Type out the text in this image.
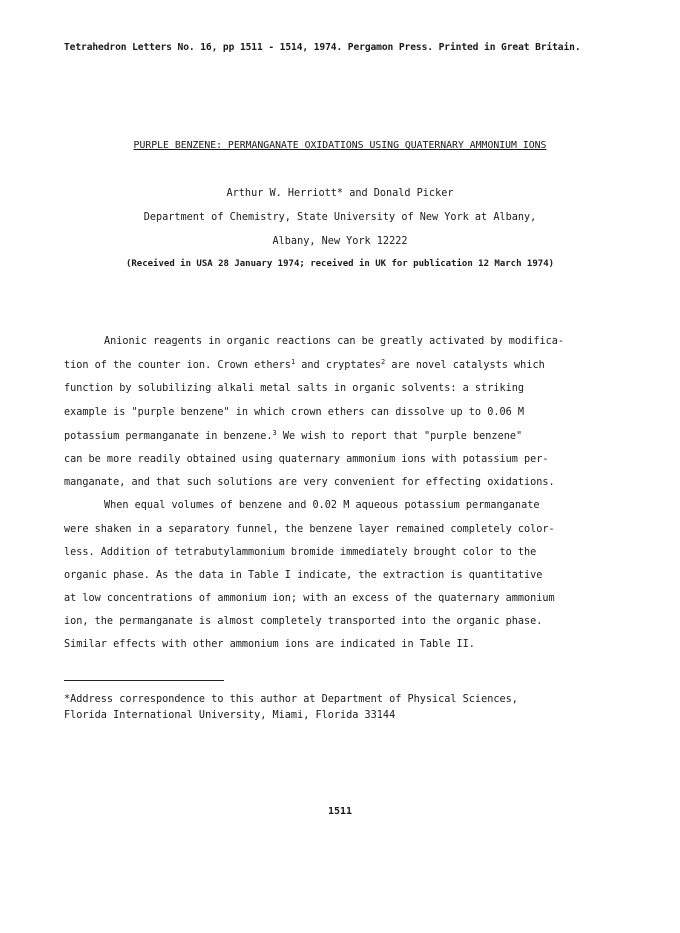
Tetrahedron Letters No. 16, pp 1511 - 1514, 1974. Pergamon Press. Printed in Great Britain.
PURPLE BENZENE: PERMANGANATE OXIDATIONS USING QUATERNARY AMMONIUM IONS
Arthur W. Herriott* and Donald Picker
Department of Chemistry, State University of New York at Albany,
Albany, New York 12222
(Received in USA 28 January 1974; received in UK for publication 12 March 1974)
Anionic reagents in organic reactions can be greatly activated by modifica-
tion of the counter ion. Crown ethers$^1$ and cryptates$^2$ are novel catalysts which
function by solubilizing alkali metal salts in organic solvents: a striking
example is "purple benzene" in which crown ethers can dissolve up to 0.06 M
potassium permanganate in benzene.$^3$ We wish to report that "purple benzene"
can be more readily obtained using quaternary ammonium ions with potassium per-
manganate, and that such solutions are very convenient for effecting oxidations.
When equal volumes of benzene and 0.02 M aqueous potassium permanganate
were shaken in a separatory funnel, the benzene layer remained completely color-
less. Addition of tetrabutylammonium bromide immediately brought color to the
organic phase. As the data in Table I indicate, the extraction is quantitative
at low concentrations of ammonium ion; with an excess of the quaternary ammonium
ion, the permanganate is almost completely transported into the organic phase.
Similar effects with other ammonium ions are indicated in Table II.
*Address correspondence to this author at Department of Physical Sciences,
Florida International University, Miami, Florida 33144
1511
